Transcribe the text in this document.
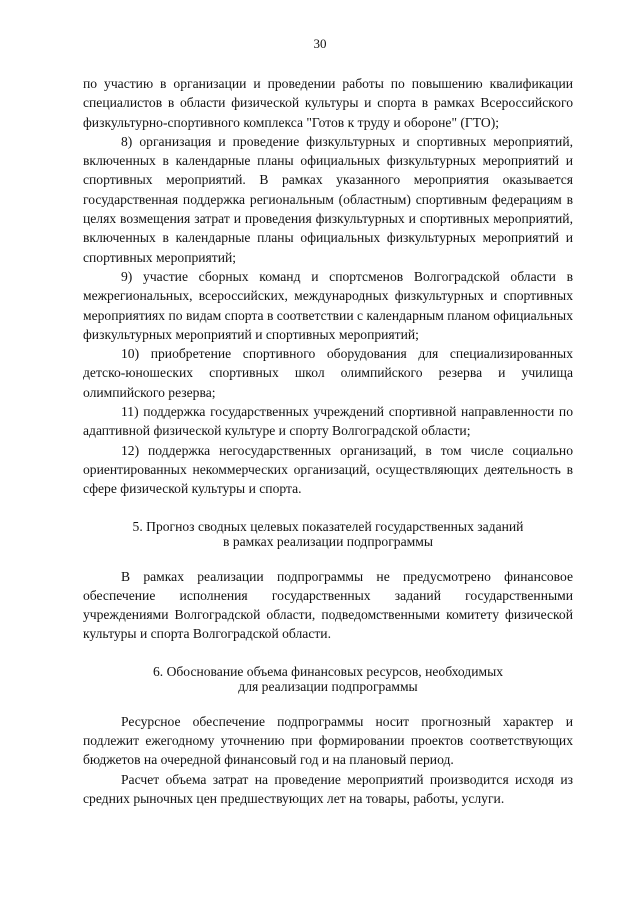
30

по участию в организации и проведении работы по повышению квалификации специалистов в области физической культуры и спорта в рамках Всероссийского физкультурно-спортивного комплекса "Готов к труду и обороне" (ГТО);

8) организация и проведение физкультурных и спортивных мероприятий, включенных в календарные планы официальных физкультурных мероприятий и спортивных мероприятий. В рамках указанного мероприятия оказывается государственная поддержка региональным (областным) спортивным федерациям в целях возмещения затрат и проведения физкультурных и спортивных мероприятий, включенных в календарные планы официальных физкультурных мероприятий и спортивных мероприятий;

9) участие сборных команд и спортсменов Волгоградской области в межрегиональных, всероссийских, международных физкультурных и спортивных мероприятиях по видам спорта в соответствии с календарным планом официальных физкультурных мероприятий и спортивных мероприятий;

10) приобретение спортивного оборудования для специализированных детско-юношеских спортивных школ олимпийского резерва и училища олимпийского резерва;

11) поддержка государственных учреждений спортивной направленности по адаптивной физической культуре и спорту Волгоградской области;

12) поддержка негосударственных организаций, в том числе социально ориентированных некоммерческих организаций, осуществляющих деятельность в сфере физической культуры и спорта.

5. Прогноз сводных целевых показателей государственных заданий
в рамках реализации подпрограммы

В рамках реализации подпрограммы не предусмотрено финансовое обеспечение исполнения государственных заданий государственными учреждениями Волгоградской области, подведомственными комитету физической культуры и спорта Волгоградской области.

6. Обоснование объема финансовых ресурсов, необходимых
для реализации подпрограммы

Ресурсное обеспечение подпрограммы носит прогнозный характер и подлежит ежегодному уточнению при формировании проектов соответствующих бюджетов на очередной финансовый год и на плановый период.

Расчет объема затрат на проведение мероприятий производится исходя из средних рыночных цен предшествующих лет на товары, работы, услуги.
